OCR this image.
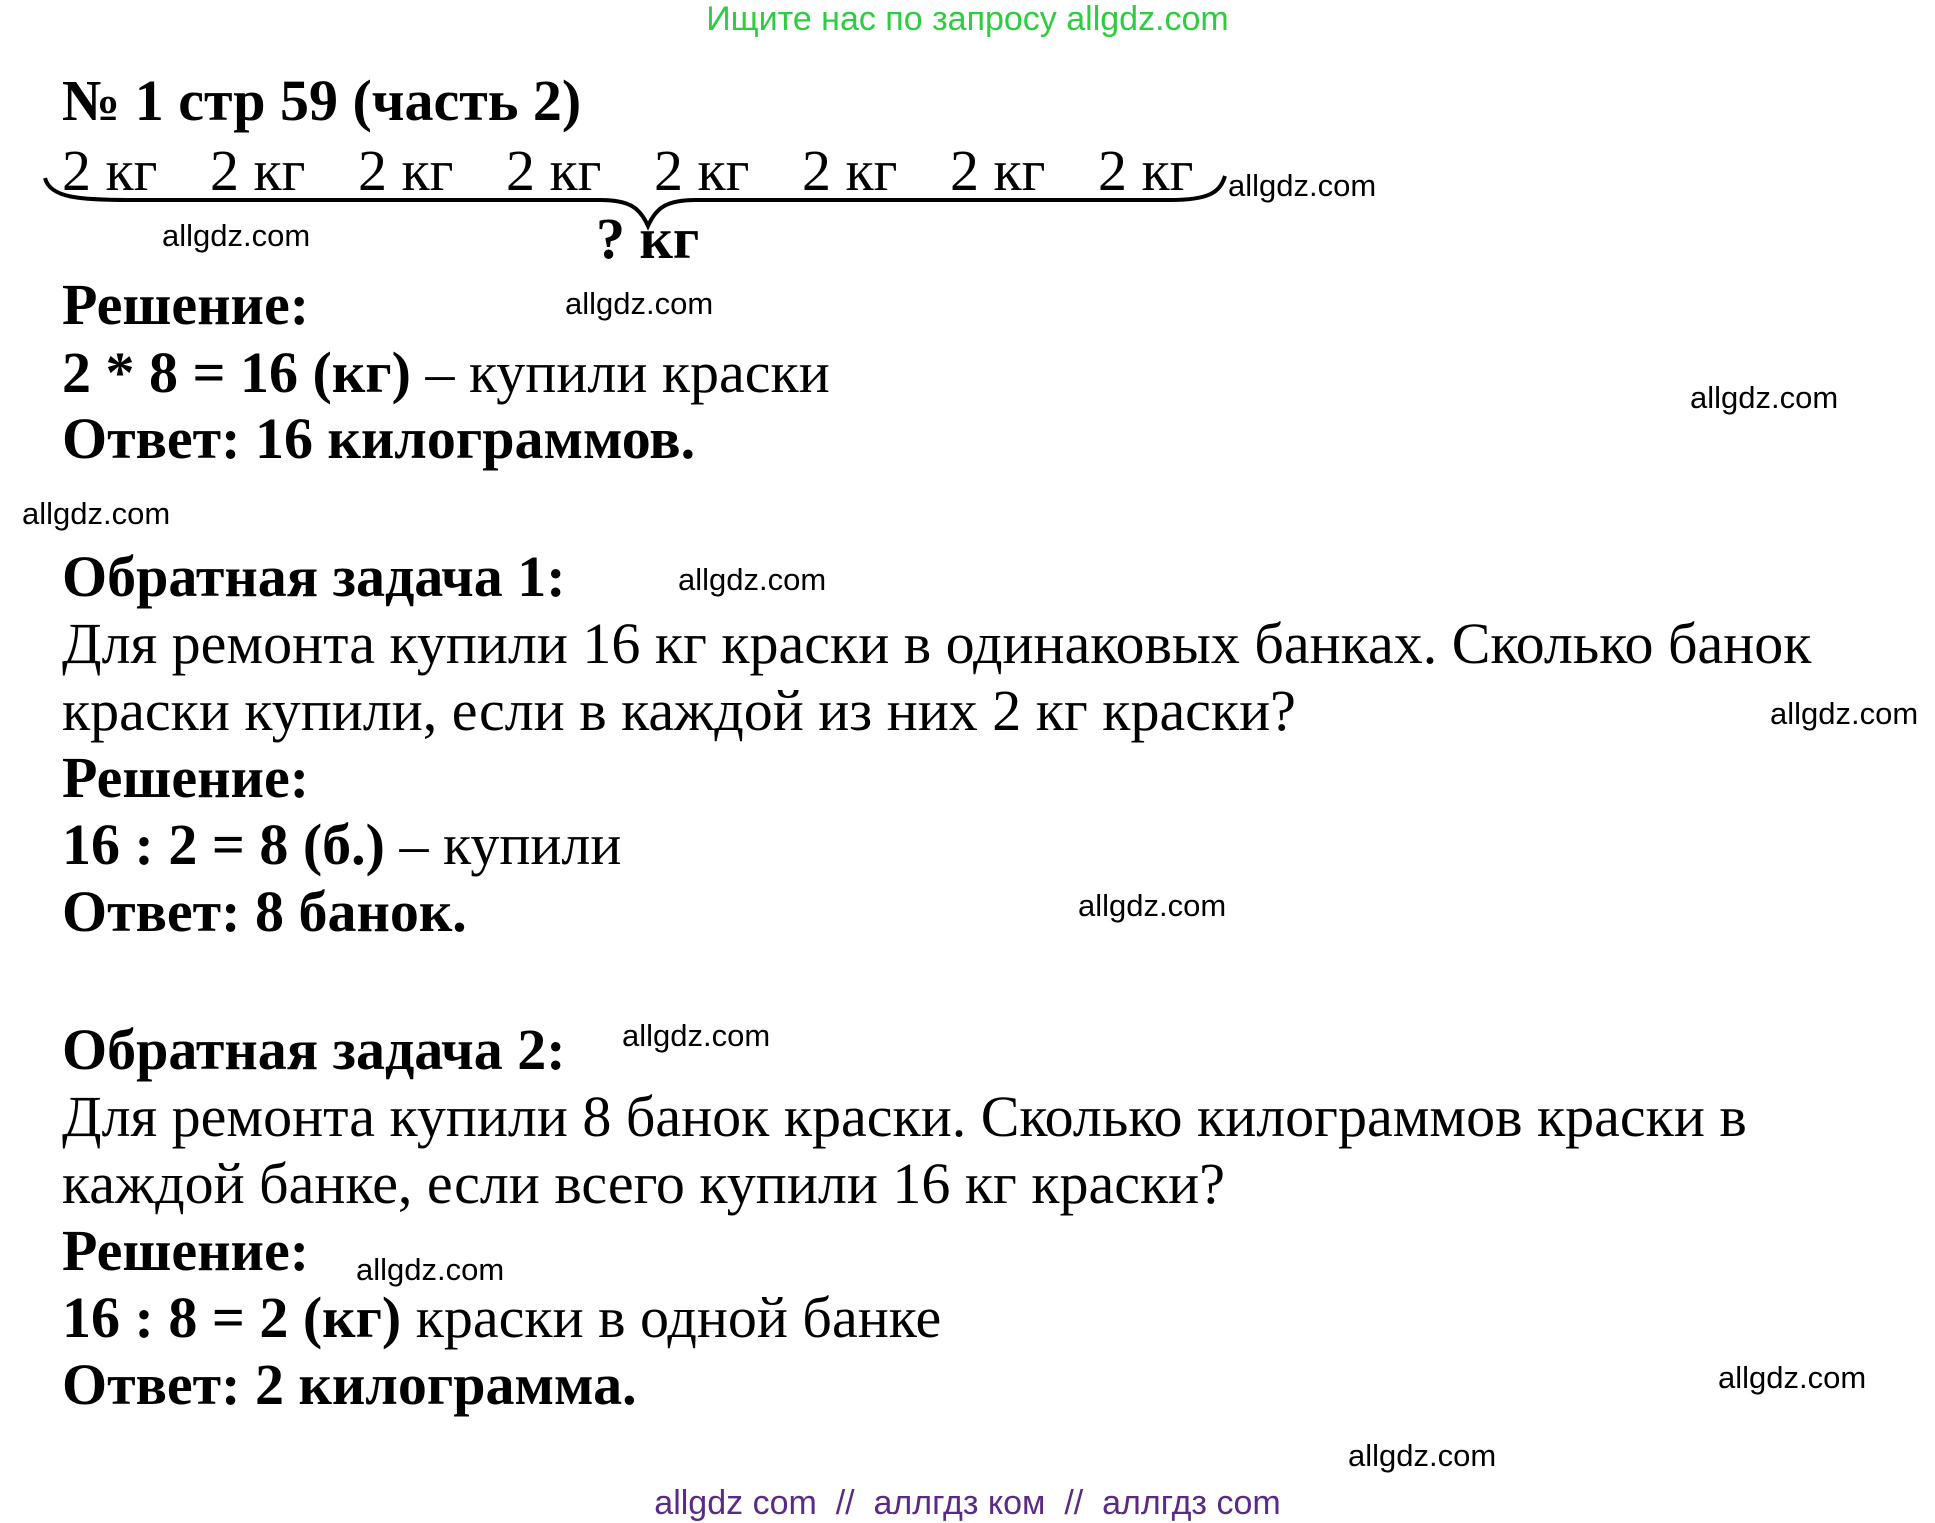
Ищите нас по запросу allgdz.com
№ 1 стр 59 (часть 2)
2 кг 2 кг 2 кг 2 кг 2 кг 2 кг 2 кг 2 кг
? кг
Решение:
2 * 8 = 16 (кг) – купили краски
Ответ: 16 килограммов.
Обратная задача 1:
Для ремонта купили 16 кг краски в одинаковых банках. Сколько банок
краски купили, если в каждой из них 2 кг краски?
Решение:
16 : 2 = 8 (б.) – купили
Ответ: 8 банок.
Обратная задача 2:
Для ремонта купили 8 банок краски. Сколько килограммов краски в
каждой банке, если всего купили 16 кг краски?
Решение:
16 : 8 = 2 (кг) краски в одной банке
Ответ: 2 килограмма.
allgdz.com
allgdz.com
allgdz.com
allgdz.com
allgdz.com
allgdz.com
allgdz.com
allgdz.com
allgdz.com
allgdz.com
allgdz.com
allgdz.com
allgdz com // аллгдз ком // аллгдз com
